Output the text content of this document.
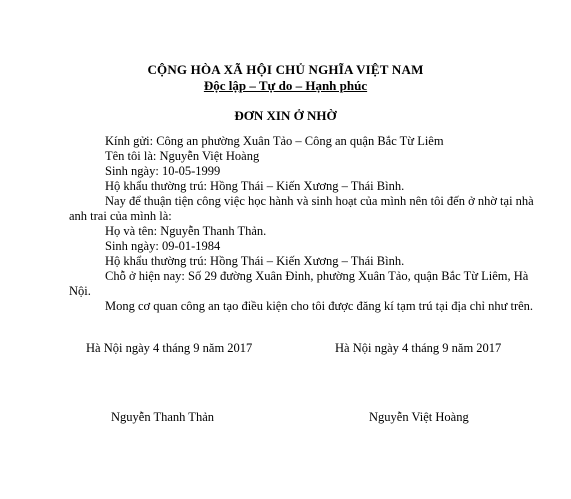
CỘNG HÒA XÃ HỘI CHỦ NGHĨA VIỆT NAM
Độc lập – Tự do – Hạnh phúc
ĐƠN XIN Ở NHỜ
Kính gửi: Công an phường Xuân Tảo – Công an quận Bắc Từ Liêm
Tên tôi là: Nguyễn Việt Hoàng
Sinh ngày: 10-05-1999
Hộ khẩu thường trú: Hồng Thái – Kiến Xương – Thái Bình.
Nay để thuận tiện công việc học hành và sinh hoạt của mình nên tôi đến ở nhờ tại nhà
anh trai của mình là:
Họ và tên: Nguyễn Thanh Thản.
Sinh ngày: 09-01-1984
Hộ khẩu thường trú: Hồng Thái – Kiến Xương – Thái Bình.
Chỗ ở hiện nay: Số 29 đường Xuân Đỉnh, phường Xuân Tảo, quận Bắc Từ Liêm, Hà
Nội.
Mong cơ quan công an tạo điều kiện cho tôi được đăng kí tạm trú tại địa chỉ như trên.
Hà Nội ngày 4 tháng 9 năm 2017	Hà Nội ngày 4 tháng 9 năm 2017
Nguyễn Thanh Thản	Nguyễn Việt Hoàng
